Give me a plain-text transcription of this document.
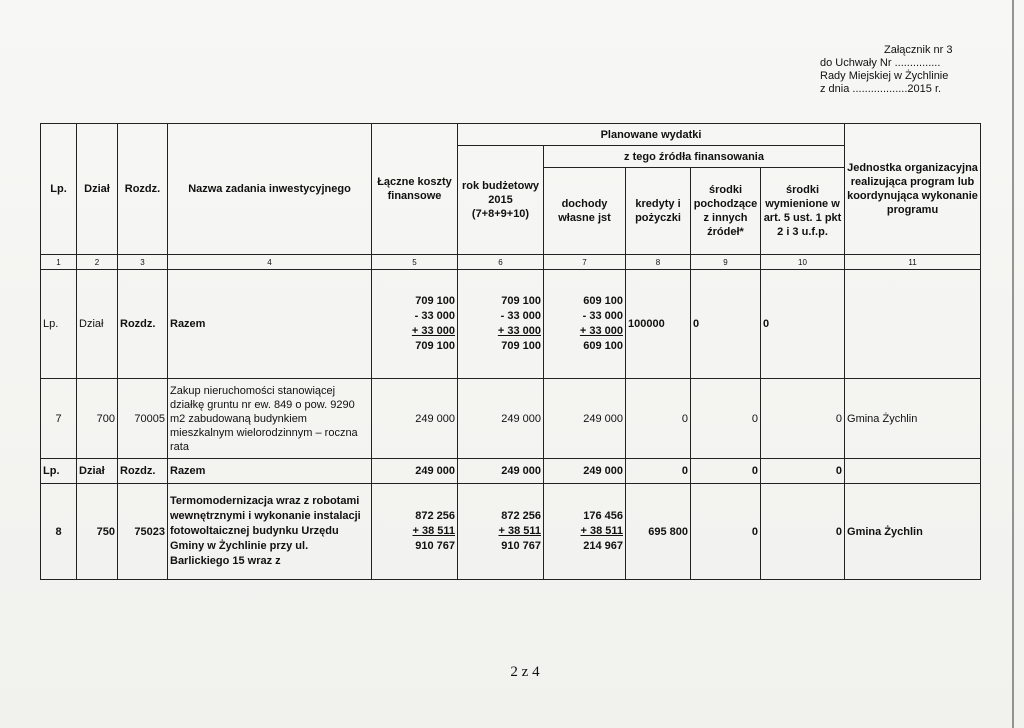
Załącznik nr 3
do Uchwały Nr ...............
Rady Miejskiej w Żychlinie
z dnia ..................2015 r.
Lp.	Dział	Rozdz.	Nazwa zadania inwestycyjnego	Łączne koszty finansowe	Planowane wydatki					Jednostka organizacyjna realizująca program lub koordynująca wykonanie programu
					rok budżetowy 2015 (7+8+9+10)	z tego źródła finansowania				
						dochody własne jst	kredyty i pożyczki	środki pochodzące z innych źródeł*	środki wymienione w art. 5 ust. 1 pkt 2 i 3 u.f.p.	
1	2	3	4	5	6	7	8	9	10	11
Lp.	Dział	Rozdz.	Razem	709 100
- 33 000
+ 33 000
709 100	709 100
- 33 000
+ 33 000
709 100	609 100
- 33 000
+ 33 000
609 100	100000	0	0	
7	700	70005	Zakup nieruchomości stanowiącej działkę gruntu nr ew. 849 o pow. 9290 m2 zabudowaną budynkiem mieszkalnym wielorodzinnym – roczna rata	249 000	249 000	249 000	0	0	0	Gmina Żychlin
Lp.	Dział	Rozdz.	Razem	249 000	249 000	249 000	0	0	0	
8	750	75023	Termomodernizacja wraz z robotami wewnętrznymi i wykonanie instalacji fotowoltaicznej budynku Urzędu Gminy w Żychlinie przy ul. Barlickiego 15 wraz z	872 256
+ 38 511
910 767	872 256
+ 38 511
910 767	176 456
+ 38 511
214 967	695 800	0	0	Gmina Żychlin
2 z 4
